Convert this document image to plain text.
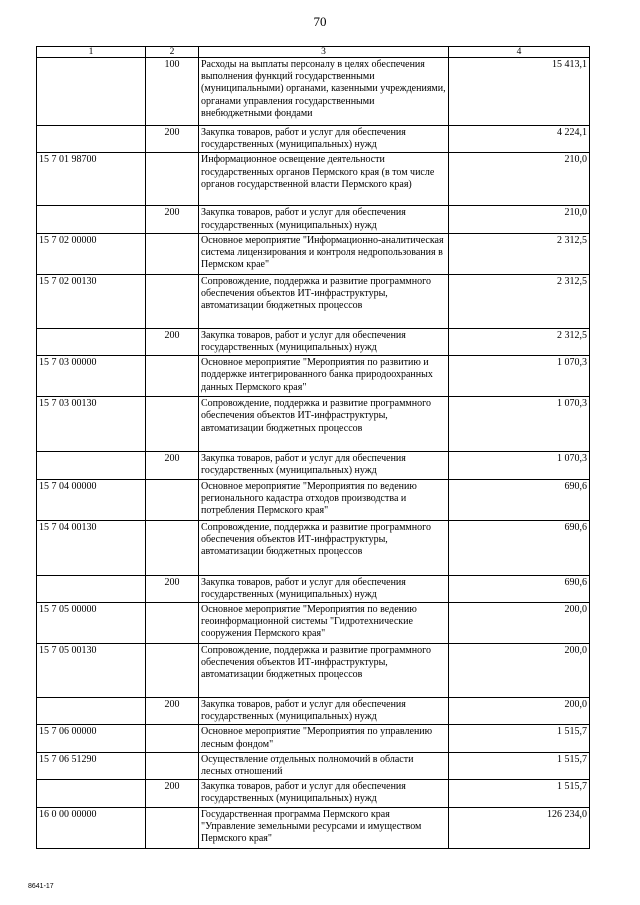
70
1	2	3	4
	100	Расходы на выплаты персоналу в целях обеспечения выполнения функций государственными (муниципальными) органами, казенными учреждениями, органами управления государственными внебюджетными фондами	15 413,1
	200	Закупка товаров, работ и услуг для обеспечения государственных (муниципальных) нужд	4 224,1
15 7 01 98700		Информационное освещение деятельности государственных органов Пермского края (в том числе органов государственной власти Пермского края)	210,0
	200	Закупка товаров, работ и услуг для обеспечения государственных (муниципальных) нужд	210,0
15 7 02 00000		Основное мероприятие "Информационно-аналитическая система лицензирования и контроля недропользования в Пермском крае"	2 312,5
15 7 02 00130		Сопровождение, поддержка и развитие программного обеспечения объектов ИТ-инфраструктуры, автоматизации бюджетных процессов	2 312,5
	200	Закупка товаров, работ и услуг для обеспечения государственных (муниципальных) нужд	2 312,5
15 7 03 00000		Основное мероприятие "Мероприятия по развитию и поддержке интегрированного банка природоохранных данных Пермского края"	1 070,3
15 7 03 00130		Сопровождение, поддержка и развитие программного обеспечения объектов ИТ-инфраструктуры, автоматизации бюджетных процессов	1 070,3
	200	Закупка товаров, работ и услуг для обеспечения государственных (муниципальных) нужд	1 070,3
15 7 04 00000		Основное мероприятие "Мероприятия по ведению регионального кадастра отходов производства и потребления Пермского края"	690,6
15 7 04 00130		Сопровождение, поддержка и развитие программного обеспечения объектов ИТ-инфраструктуры, автоматизации бюджетных процессов	690,6
	200	Закупка товаров, работ и услуг для обеспечения государственных (муниципальных) нужд	690,6
15 7 05 00000		Основное мероприятие "Мероприятия по ведению геоинформационной системы "Гидротехнические сооружения Пермского края"	200,0
15 7 05 00130		Сопровождение, поддержка и развитие программного обеспечения объектов ИТ-инфраструктуры, автоматизации бюджетных процессов	200,0
	200	Закупка товаров, работ и услуг для обеспечения государственных (муниципальных) нужд	200,0
15 7 06 00000		Основное мероприятие "Мероприятия по управлению лесным фондом"	1 515,7
15 7 06 51290		Осуществление отдельных полномочий в области лесных отношений	1 515,7
	200	Закупка товаров, работ и услуг для обеспечения государственных (муниципальных) нужд	1 515,7
16 0 00 00000		Государственная программа Пермского края "Управление земельными ресурсами и имуществом Пермского края"	126 234,0
8641-17
